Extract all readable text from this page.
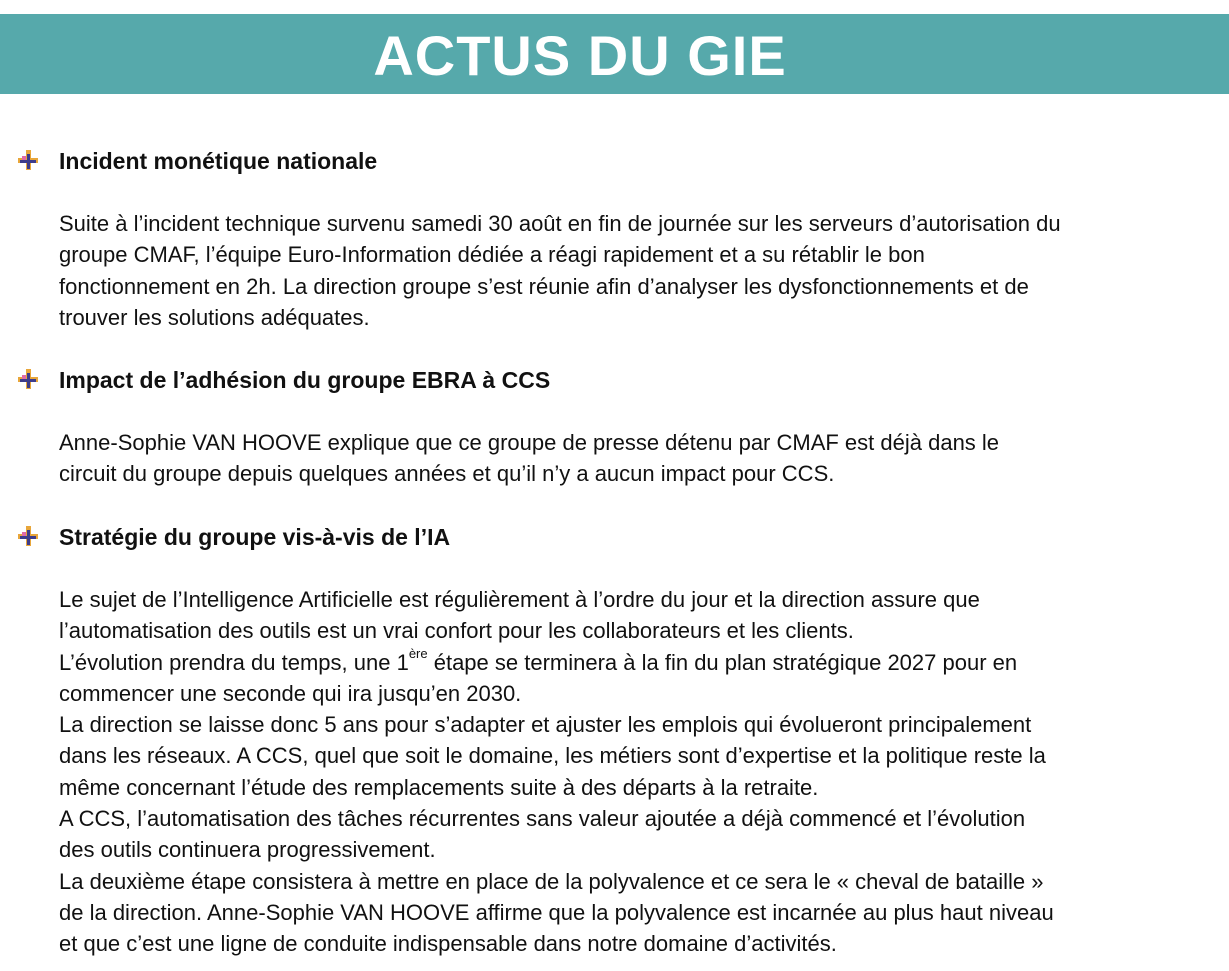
ACTUS DU GIE
Incident monétique nationale

Suite à l’incident technique survenu samedi 30 août en fin de journée sur les serveurs d’autorisation du
groupe CMAF, l’équipe Euro-Information dédiée a réagi rapidement et a su rétablir le bon
fonctionnement en 2h. La direction groupe s’est réunie afin d’analyser les dysfonctionnements et de
trouver les solutions adéquates.

Impact de l’adhésion du groupe EBRA à CCS

Anne-Sophie VAN HOOVE explique que ce groupe de presse détenu par CMAF est déjà dans le
circuit du groupe depuis quelques années et qu’il n’y a aucun impact pour CCS.

Stratégie du groupe vis-à-vis de l’IA

Le sujet de l’Intelligence Artificielle est régulièrement à l’ordre du jour et la direction assure que
l’automatisation des outils est un vrai confort pour les collaborateurs et les clients.
L’évolution prendra du temps, une 1ère étape se terminera à la fin du plan stratégique 2027 pour en
commencer une seconde qui ira jusqu’en 2030.
La direction se laisse donc 5 ans pour s’adapter et ajuster les emplois qui évolueront principalement
dans les réseaux. A CCS, quel que soit le domaine, les métiers sont d’expertise et la politique reste la
même concernant l’étude des remplacements suite à des départs à la retraite.
A CCS, l’automatisation des tâches récurrentes sans valeur ajoutée a déjà commencé et l’évolution
des outils continuera progressivement.
La deuxième étape consistera à mettre en place de la polyvalence et ce sera le « cheval de bataille »
de la direction. Anne-Sophie VAN HOOVE affirme que la polyvalence est incarnée au plus haut niveau
et que c’est une ligne de conduite indispensable dans notre domaine d’activités.
